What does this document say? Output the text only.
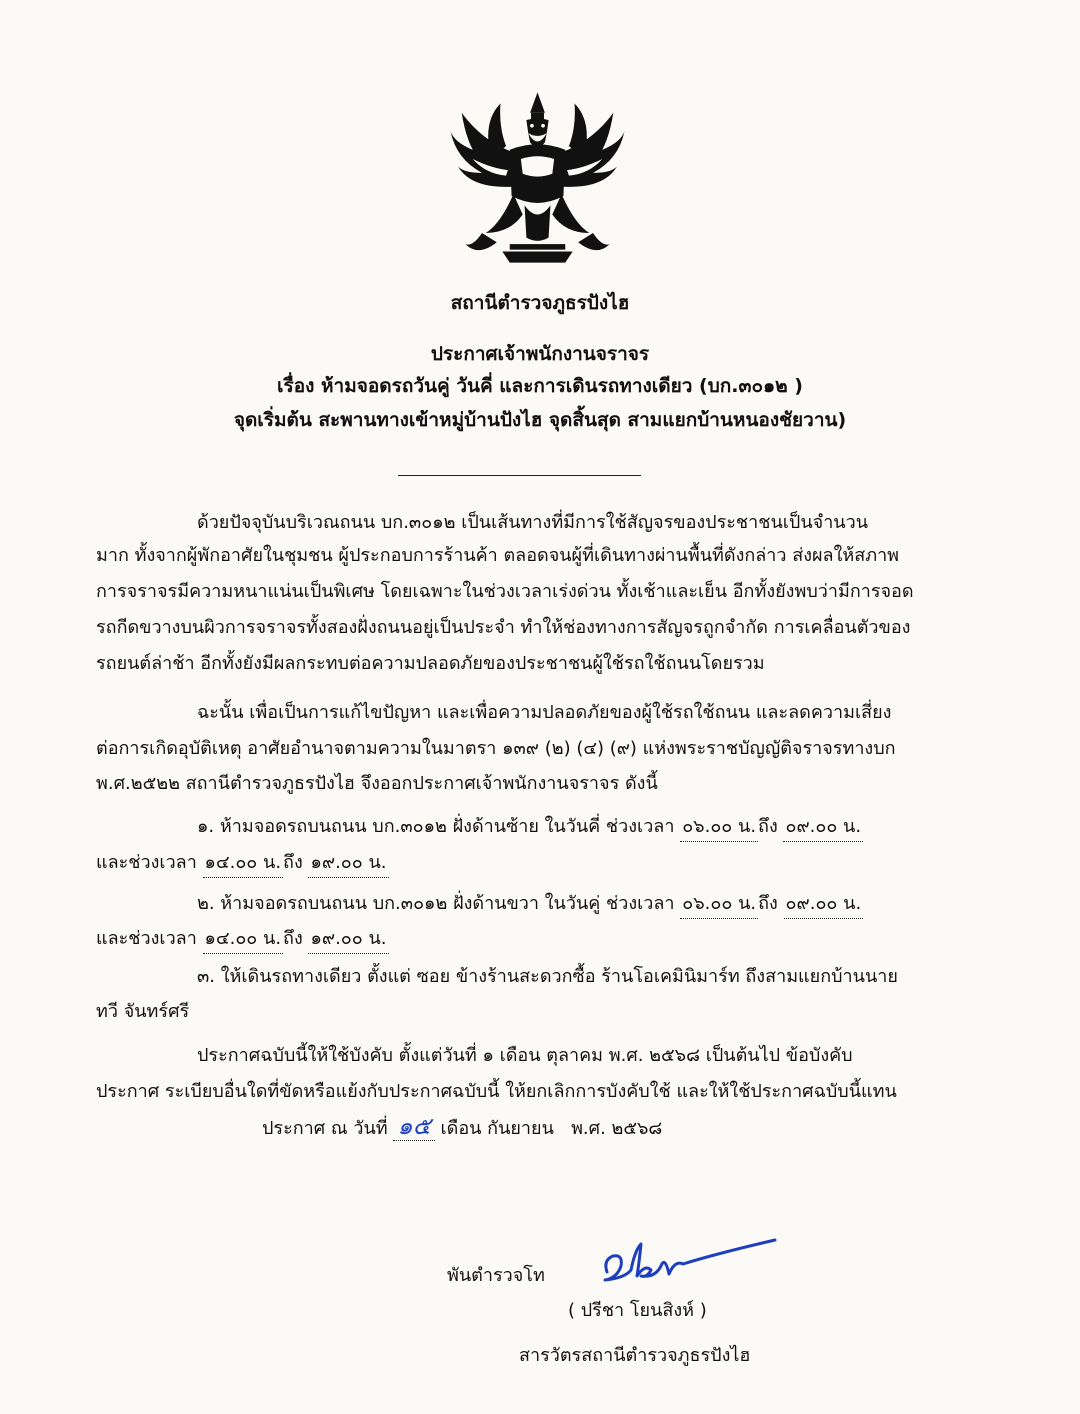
สถานีตำรวจภูธรปังไฮ
ประกาศเจ้าพนักงานจราจร
เรื่อง ห้ามจอดรถวันคู่ วันคี่ และการเดินรถทางเดียว (บก.๓๐๑๒ )
จุดเริ่มต้น สะพานทางเข้าหมู่บ้านปังไฮ จุดสิ้นสุด สามแยกบ้านหนองชัยวาน)
ด้วยปัจจุบันบริเวณถนน บก.๓๐๑๒ เป็นเส้นทางที่มีการใช้สัญจรของประชาชนเป็นจำนวน
มาก ทั้งจากผู้พักอาศัยในชุมชน ผู้ประกอบการร้านค้า ตลอดจนผู้ที่เดินทางผ่านพื้นที่ดังกล่าว ส่งผลให้สภาพ
การจราจรมีความหนาแน่นเป็นพิเศษ โดยเฉพาะในช่วงเวลาเร่งด่วน ทั้งเช้าและเย็น อีกทั้งยังพบว่ามีการจอด
รถกีดขวางบนผิวการจราจรทั้งสองฝั่งถนนอยู่เป็นประจำ ทำให้ช่องทางการสัญจรถูกจำกัด การเคลื่อนตัวของ
รถยนต์ล่าช้า อีกทั้งยังมีผลกระทบต่อความปลอดภัยของประชาชนผู้ใช้รถใช้ถนนโดยรวม
ฉะนั้น เพื่อเป็นการแก้ไขปัญหา และเพื่อความปลอดภัยของผู้ใช้รถใช้ถนน และลดความเสี่ยง
ต่อการเกิดอุบัติเหตุ อาศัยอำนาจตามความในมาตรา ๑๓๙ (๒) (๔) (๙) แห่งพระราชบัญญัติจราจรทางบก
พ.ศ.๒๕๒๒ สถานีตำรวจภูธรปังไฮ จึงออกประกาศเจ้าพนักงานจราจร ดังนี้
๑. ห้ามจอดรถบนถนน บก.๓๐๑๒ ฝั่งด้านซ้าย ในวันคี่ ช่วงเวลา ๐๖.๐๐ น. ถึง ๐๙.๐๐ น.
และช่วงเวลา ๑๔.๐๐ น. ถึง ๑๙.๐๐ น.
๒. ห้ามจอดรถบนถนน บก.๓๐๑๒ ฝั่งด้านขวา ในวันคู่ ช่วงเวลา ๐๖.๐๐ น. ถึง ๐๙.๐๐ น.
และช่วงเวลา ๑๔.๐๐ น. ถึง ๑๙.๐๐ น.
๓. ให้เดินรถทางเดียว ตั้งแต่ ซอย ข้างร้านสะดวกซื้อ ร้านโอเคมินิมาร์ท ถึงสามแยกบ้านนาย
ทวี จันทร์ศรี
ประกาศฉบับนี้ให้ใช้บังคับ ตั้งแต่วันที่ ๑ เดือน ตุลาคม พ.ศ. ๒๕๖๘ เป็นต้นไป ข้อบังคับ
ประกาศ ระเบียบอื่นใดที่ขัดหรือแย้งกับประกาศฉบับนี้ ให้ยกเลิกการบังคับใช้ และให้ใช้ประกาศฉบับนี้แทน
ประกาศ ณ วันที่ ๑๕ เดือน กันยายน พ.ศ. ๒๕๖๘
พันตำรวจโท
( ปรีชา โยนสิงห์ )
สารวัตรสถานีตำรวจภูธรปังไฮ
